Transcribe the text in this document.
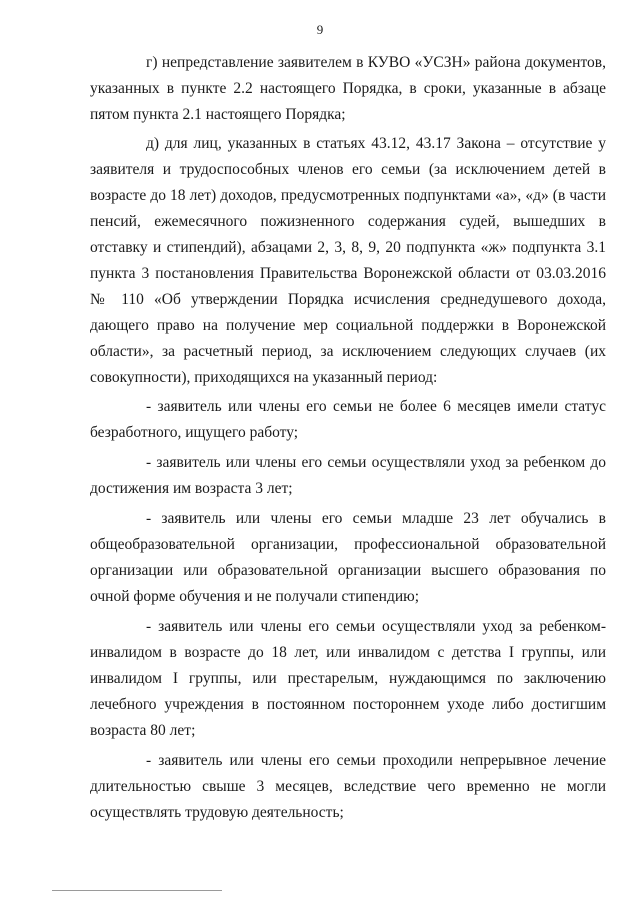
9

г) непредставление заявителем в КУВО «УСЗН» района документов, указанных в пункте 2.2 настоящего Порядка, в сроки, указанные в абзаце пятом пункта 2.1 настоящего Порядка;

д) для лиц, указанных в статьях 43.12, 43.17 Закона – отсутствие у заявителя и трудоспособных членов его семьи (за исключением детей в возрасте до 18 лет) доходов, предусмотренных подпунктами «а», «д» (в части пенсий, ежемесячного пожизненного содержания судей, вышедших в отставку и стипендий), абзацами 2, 3, 8, 9, 20 подпункта «ж» подпункта 3.1 пункта 3 постановления Правительства Воронежской области от 03.03.2016 № 110 «Об утверждении Порядка исчисления среднедушевого дохода, дающего право на получение мер социальной поддержки в Воронежской области», за расчетный период, за исключением следующих случаев (их совокупности), приходящихся на указанный период:

- заявитель или члены его семьи не более 6 месяцев имели статус безработного, ищущего работу;

- заявитель или члены его семьи осуществляли уход за ребенком до достижения им возраста 3 лет;

- заявитель или члены его семьи младше 23 лет обучались в общеобразовательной организации, профессиональной образовательной организации или образовательной организации высшего образования по очной форме обучения и не получали стипендию;

- заявитель или члены его семьи осуществляли уход за ребенком-инвалидом в возрасте до 18 лет, или инвалидом с детства I группы, или инвалидом I группы, или престарелым, нуждающимся по заключению лечебного учреждения в постоянном постороннем уходе либо достигшим возраста 80 лет;

- заявитель или члены его семьи проходили непрерывное лечение длительностью свыше 3 месяцев, вследствие чего временно не могли осуществлять трудовую деятельность;
